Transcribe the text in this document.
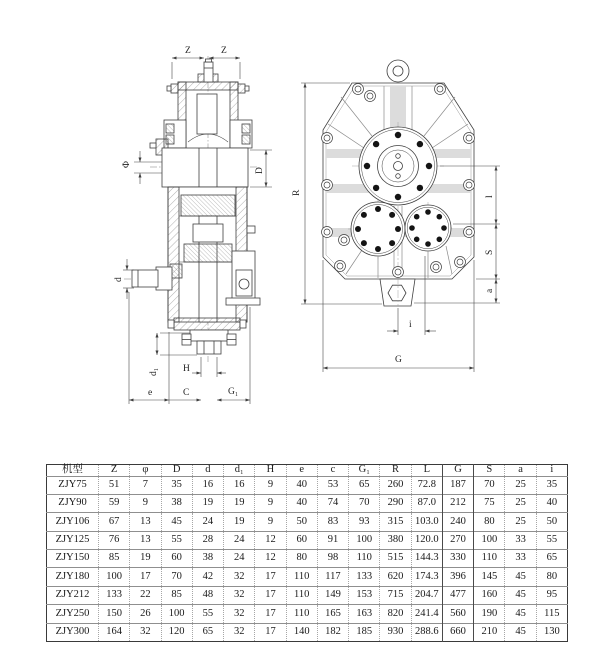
Z	Z
Φ
D
d
d₁	H
e	C	G₁
R
l
S
a
i
G
机型	Z	φ	D	d	d₁	H	e	c	G₁	R	L	G	S	a	i
ZJY75	51	7	35	16	16	9	40	53	65	260	72.8	187	70	25	35
ZJY90	59	9	38	19	19	9	40	74	70	290	87.0	212	75	25	40
ZJY106	67	13	45	24	19	9	50	83	93	315	103.0	240	80	25	50
ZJY125	76	13	55	28	24	12	60	91	100	380	120.0	270	100	33	55
ZJY150	85	19	60	38	24	12	80	98	110	515	144.3	330	110	33	65
ZJY180	100	17	70	42	32	17	110	117	133	620	174.3	396	145	45	80
ZJY212	133	22	85	48	32	17	110	149	153	715	204.7	477	160	45	95
ZJY250	150	26	100	55	32	17	110	165	163	820	241.4	560	190	45	115
ZJY300	164	32	120	65	32	17	140	182	185	930	288.6	660	210	45	130
